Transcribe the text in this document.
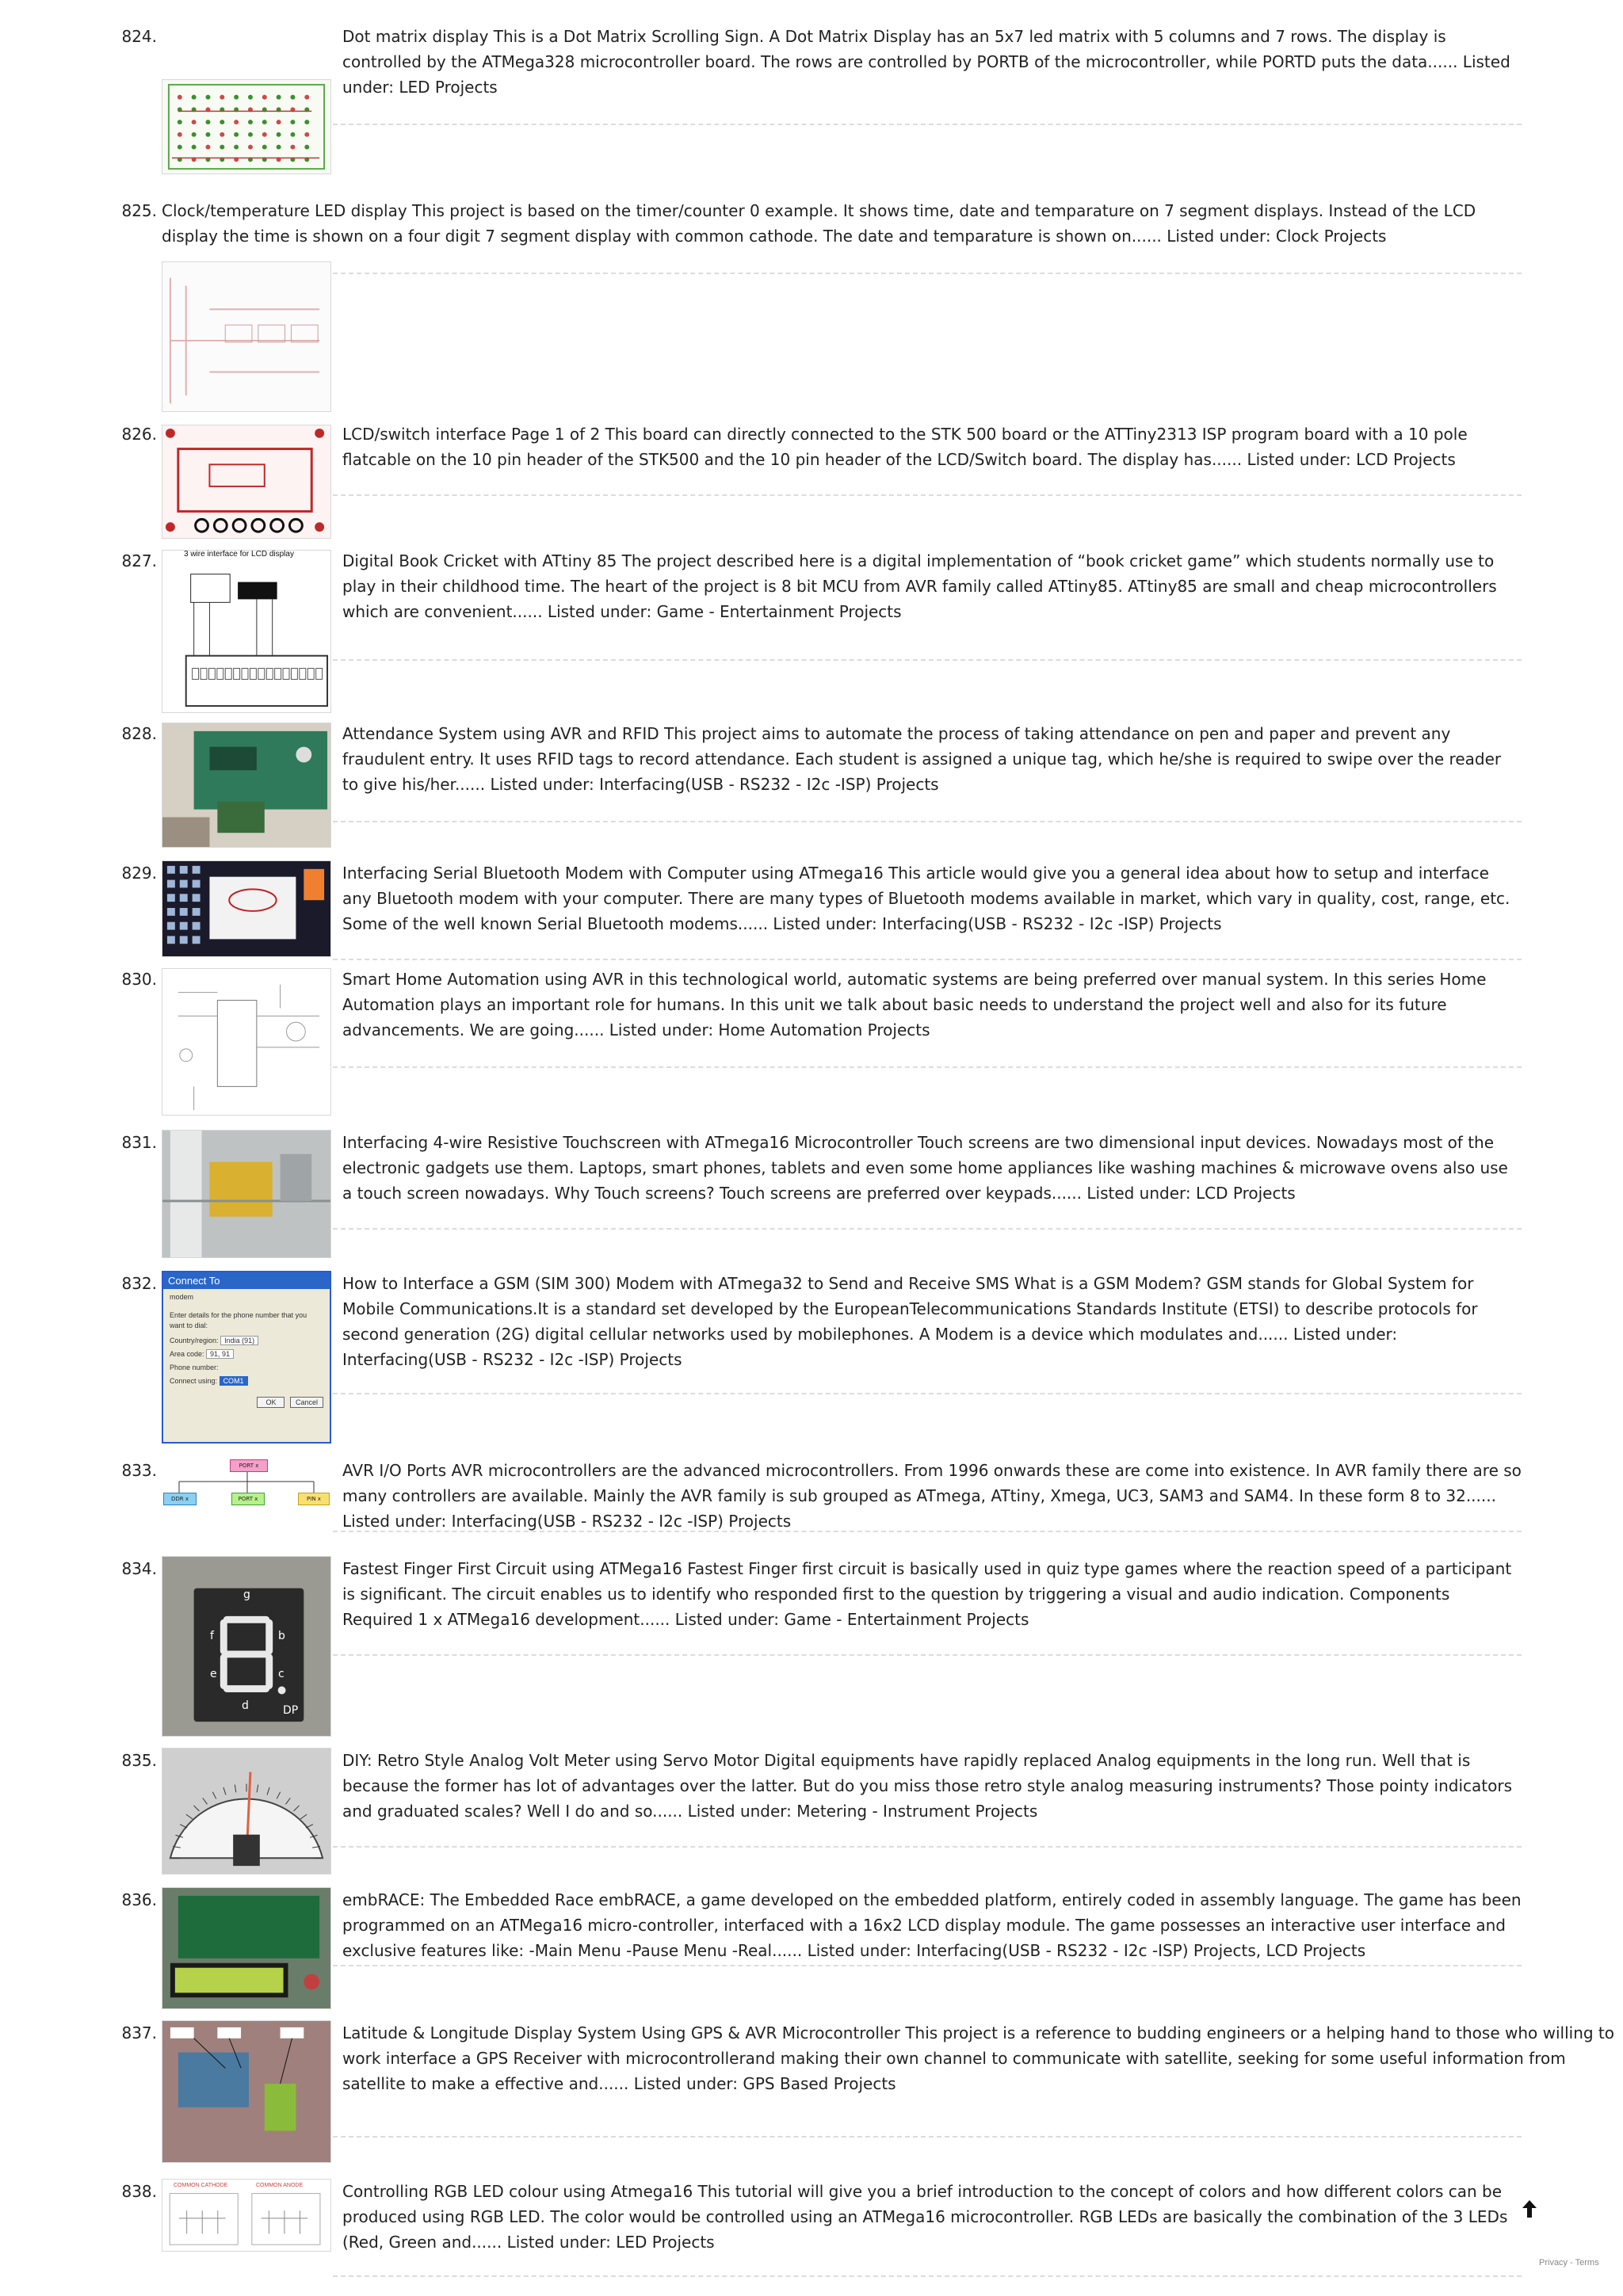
824.	Dot matrix display This is a Dot Matrix Scrolling Sign. A Dot Matrix Display has an 5x7 led matrix with 5 columns and 7 rows. The display is controlled by the ATMega328 microcontroller board. The rows are controlled by PORTB of the microcontroller, while PORTD puts the data...... Listed under: LED Projects
825. Clock/temperature LED display This project is based on the timer/counter 0 example. It shows time, date and temparature on 7 segment displays. Instead of the LCD display the time is shown on a four digit 7 segment display with common cathode. The date and temparature is shown on...... Listed under: Clock Projects
826.	LCD/switch interface Page 1 of 2 This board can directly connected to the STK 500 board or the ATTiny2313 ISP program board with a 10 pole flatcable on the 10 pin header of the STK500 and the 10 pin header of the LCD/Switch board. The display has...... Listed under: LCD Projects
827.	Digital Book Cricket with ATtiny 85 The project described here is a digital implementation of “book cricket game” which students normally use to play in their childhood time. The heart of the project is 8 bit MCU from AVR family called ATtiny85. ATtiny85 are small and cheap microcontrollers which are convenient...... Listed under: Game - Entertainment Projects
3 wire interface for LCD display
828.	Attendance System using AVR and RFID This project aims to automate the process of taking attendance on pen and paper and prevent any fraudulent entry. It uses RFID tags to record attendance. Each student is assigned a unique tag, which he/she is required to swipe over the reader to give his/her...... Listed under: Interfacing(USB - RS232 - I2c -ISP) Projects
829.	Interfacing Serial Bluetooth Modem with Computer using ATmega16 This article would give you a general idea about how to setup and interface any Bluetooth modem with your computer. There are many types of Bluetooth modems available in market, which vary in quality, cost, range, etc. Some of the well known Serial Bluetooth modems...... Listed under: Interfacing(USB - RS232 - I2c -ISP) Projects
830.	Smart Home Automation using AVR in this technological world, automatic systems are being preferred over manual system. In this series Home Automation plays an important role for humans. In this unit we talk about basic needs to understand the project well and also for its future advancements. We are going...... Listed under: Home Automation Projects
831.	Interfacing 4-wire Resistive Touchscreen with ATmega16 Microcontroller Touch screens are two dimensional input devices. Nowadays most of the electronic gadgets use them. Laptops, smart phones, tablets and even some home appliances like washing machines & microwave ovens also use a touch screen nowadays. Why Touch screens? Touch screens are preferred over keypads...... Listed under: LCD Projects
832.	How to Interface a GSM (SIM 300) Modem with ATmega32 to Send and Receive SMS What is a GSM Modem? GSM stands for Global System for Mobile Communications.It is a standard set developed by the EuropeanTelecommunications Standards Institute (ETSI) to describe protocols for second generation (2G) digital cellular networks used by mobilephones. A Modem is a device which modulates and...... Listed under: Interfacing(USB - RS232 - I2c -ISP) Projects
Connect To
modem
Enter details for the phone number that you want to dial:
Country/region: India (91)
Area code: 91, 91
Phone number:
Connect using: COM1
OK	Cancel
833.	AVR I/O Ports AVR microcontrollers are the advanced microcontrollers. From 1996 onwards these are come into existence. In AVR family there are so many controllers are available. Mainly the AVR family is sub grouped as ATmega, ATtiny, Xmega, UC3, SAM3 and SAM4. In these form 8 to 32...... Listed under: Interfacing(USB - RS232 - I2c -ISP) Projects
PORT x
DDR x	PORT x	PIN x
834.	Fastest Finger First Circuit using ATMega16 Fastest Finger first circuit is basically used in quiz type games where the reaction speed of a participant is significant. The circuit enables us to identify who responded first to the question by triggering a visual and audio indication. Components Required 1 x ATMega16 development...... Listed under: Game - Entertainment Projects
f
g
b
e	c
d	DP
835.	DIY: Retro Style Analog Volt Meter using Servo Motor Digital equipments have rapidly replaced Analog equipments in the long run. Well that is because the former has lot of advantages over the latter. But do you miss those retro style analog measuring instruments? Those pointy indicators and graduated scales? Well I do and so...... Listed under: Metering - Instrument Projects
836.	embRACE: The Embedded Race embRACE, a game developed on the embedded platform, entirely coded in assembly language. The game has been programmed on an ATMega16 micro-controller, interfaced with a 16x2 LCD display module. The game possesses an interactive user interface and exclusive features like: -Main Menu -Pause Menu -Real...... Listed under: Interfacing(USB - RS232 - I2c -ISP) Projects, LCD Projects
837.	Latitude & Longitude Display System Using GPS & AVR Microcontroller This project is a reference to budding engineers or a helping hand to those who willing to work interface a GPS Receiver with microcontrollerand making their own channel to communicate with satellite, seeking for some useful information from satellite to make a effective and...... Listed under: GPS Based Projects
838.	Controlling RGB LED colour using Atmega16 This tutorial will give you a brief introduction to the concept of colors and how different colors can be produced using RGB LED. The color would be controlled using an ATMega16 microcontroller. RGB LEDs are basically the combination of the 3 LEDs (Red, Green and...... Listed under: LED Projects
COMMON CATHODE	COMMON ANODE
Privacy - Terms
